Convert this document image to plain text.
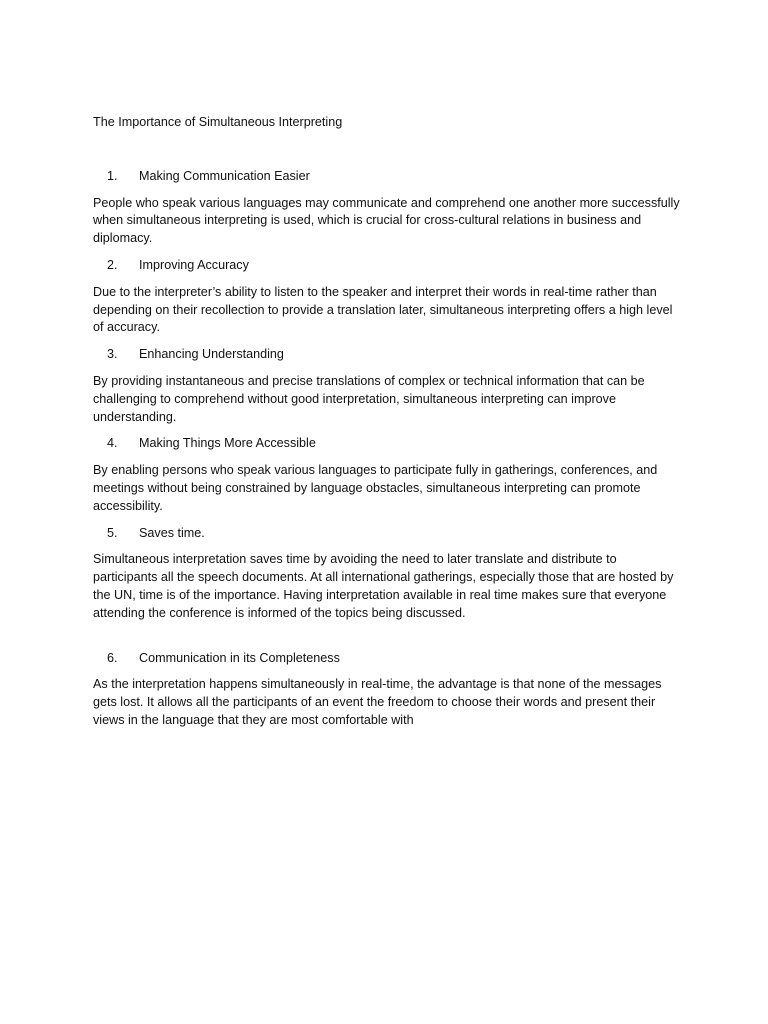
The Importance of Simultaneous Interpreting
1.	Making Communication Easier
People who speak various languages may communicate and comprehend one another more successfully when simultaneous interpreting is used, which is crucial for cross-cultural relations in business and diplomacy.
2.	Improving Accuracy
Due to the interpreter’s ability to listen to the speaker and interpret their words in real-time rather than depending on their recollection to provide a translation later, simultaneous interpreting offers a high level of accuracy.
3.	Enhancing Understanding
By providing instantaneous and precise translations of complex or technical information that can be challenging to comprehend without good interpretation, simultaneous interpreting can improve understanding.
4.	Making Things More Accessible
By enabling persons who speak various languages to participate fully in gatherings, conferences, and meetings without being constrained by language obstacles, simultaneous interpreting can promote accessibility.
5.	Saves time.
Simultaneous interpretation saves time by avoiding the need to later translate and distribute to participants all the speech documents. At all international gatherings, especially those that are hosted by the UN, time is of the importance. Having interpretation available in real time makes sure that everyone attending the conference is informed of the topics being discussed.
6.	Communication in its Completeness
As the interpretation happens simultaneously in real-time, the advantage is that none of the messages gets lost. It allows all the participants of an event the freedom to choose their words and present their views in the language that they are most comfortable with
